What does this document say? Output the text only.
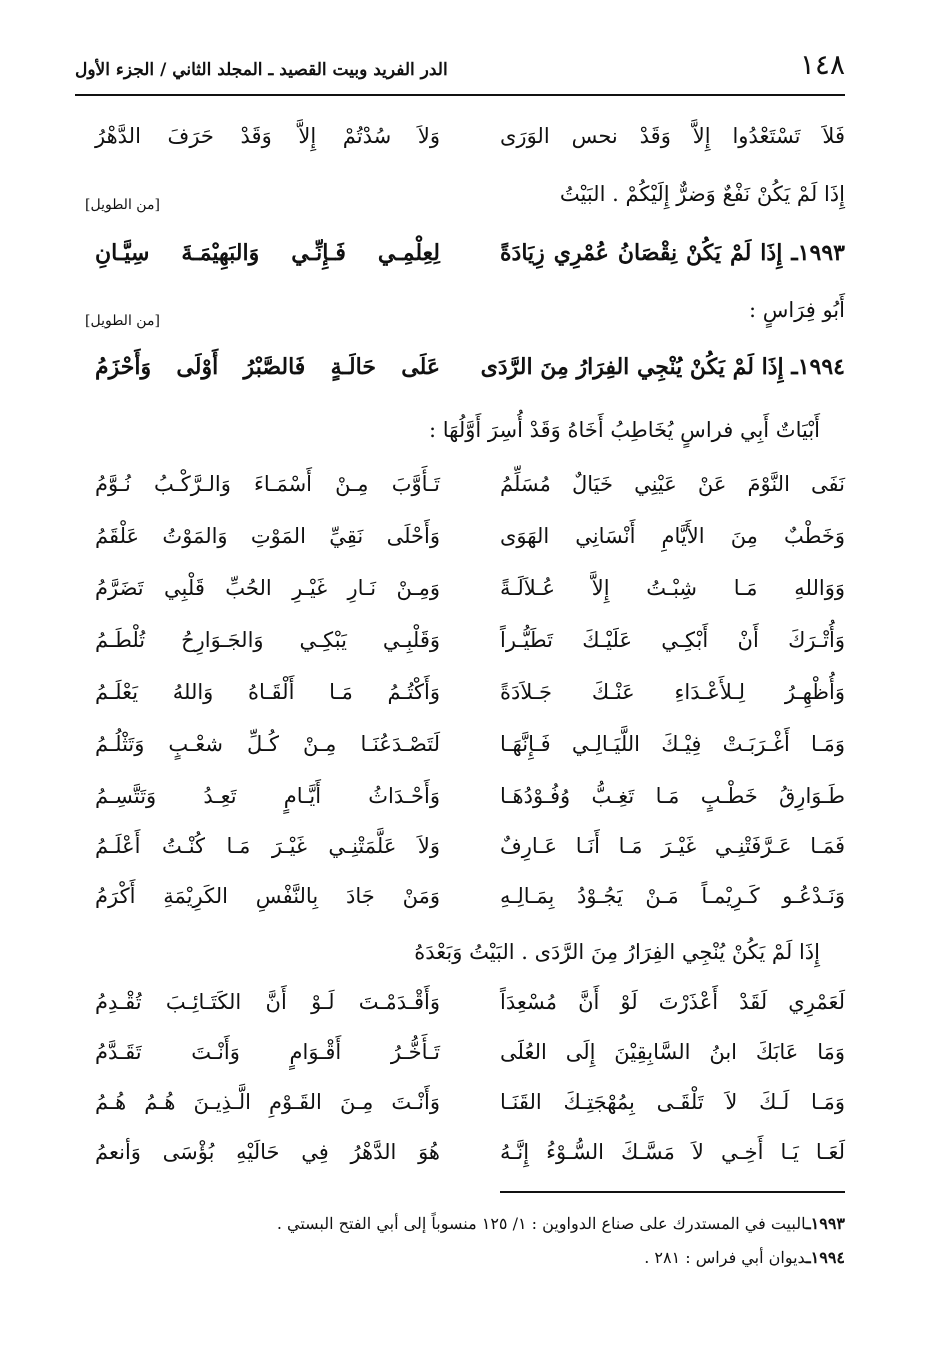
١٤٨
الدر الفريد وبيت القصيد ـ المجلد الثاني / الجزء الأول
فَلاَ تَسْتَعْدُوا إِلاَّ وَقَدْ نحس الوَرَى
وَلاَ سُدْتُمْ إِلاَّ وَقَدْ حَرَفَ الدَّهْرُ
إِذَا لَمْ يَكُنْ نَفْعٌ وَضرٌّ إِلَيْكُمْ . البَيْتُ
[من الطويل]
١٩٩٣ـ إِذَا لَمْ يَكُنْ نِقْصَانُ عُمْرِي زِيَادَةً
لِعِلْمِـي فَـإِنِّـي وَالبَهِيْمَـةَ سِيَّـانِ
أَبُو فِرَاسٍ :
[من الطويل]
١٩٩٤ـ إِذَا لَمْ يَكُنْ يُنْجِي الفِرَارُ مِنَ الرَّدَى
عَلَى حَالَـةٍ فَالصَّبْرُ أَوْلَى وَأَحْزَمُ
أَبْيَاتٌ أَبِي فراسٍ يُخَاطِبُ أَخَاهُ وَقَدْ أُسِرَ أَوَّلُهَا :
نَفَى النَّوْمَ عَنْ عَيْنِي خَيَالٌ مُسَلِّمُ
تَـأَوَّبَ مِـنْ أَسْمَـاءَ وَالـرَّكْـبُ نُـوَّمُ
وَخَطْبٌ مِنَ الأَيَّامِ أَنْسَانِي الهَوَى
وَأَحْلَى نَقِيِّ المَوْتِ وَالمَوْتُ عَلْقَمُ
وَوَاللهِ مَـا شِبْـتُ إِلاَّ عُـلاَلَـةً
وَمِـنْ نَـارِ غَيْـرِ الحُبِّ قَلْبِي تَضَرَّمُ
وَأُتْـرَكَ أَنْ أَبْكِـي عَلَيْـكَ تَطَيُّـراً
وَقَلْبِـي يَبْكِـي وَالجَـوَارِحُ تُلْطَـمُ
وَأُظْهِـرُ لِـلأَعْـدَاءِ عَنْـكَ جَـلاَدَةً
وَأَكْتُـمُ مَـا أَلْقَـاهُ وَاللهُ يَعْلَـمُ
وَمَـا أَغْـرَبَـتْ فِيْـكَ اللَّيَـالِـي فَـإِنَّهَـا
لَتَصْـدَعُنَـا مِـنْ كُـلِّ شعْـبٍ وَتَثْلُـمُ
طَـوَارِقُ خَطْـبٍ مَـا تَغِـبُّ وُفُـوْدُهَـا
وَأَحْـدَاثُ أَيَّـامٍ تَعِـدُ وَتَتَّسِـمُ
فَمَـا عَـرَّفَتْنِـي غَيْـرَ مَـا أَنَـا عَـارِفٌ
وَلاَ عَلَّمَتْنِـي غَيْـرَ مَـا كُنْـتُ أَعْلَـمُ
وَنَـدْعُـو كَـرِيْمـاً مَـنْ يَجُـوْدُ بِمَـالِـهِ
وَمَنْ جَادَ بِالنَّفْسِ الكَرِيْمَةِ أَكْرَمُ
إِذَا لَمْ يَكُنْ يُنْجِي الفِرَارُ مِنَ الرَّدَى . البَيْتُ وَبَعْدَهُ
لَعَمْرِي لَقَدْ أَعْذَرْتَ لَوْ أَنَّ مُسْعِدَاً
وَأَقْـدَمْـتَ لَـوْ أَنَّ الكَتَـائِـبَ تُقْـدِمُ
وَمَا عَابَكَ ابنُ السَّابِقِيْنَ إِلَى العُلَى
تَـأَخُّـرُ أَقْـوَامٍ وَأَنْـتَ تَقَـدَّمُ
وَمَـا لَـكَ لاَ تَلْقَـى بِمُهْجَتِـكَ القَنَـا
وَأَنْـتَ مِـنَ القَـوْمِ الَّـذِيـنَ هُـمُ هُـمُ
لَعَـا يَـا أَخِـي لاَ مَسَّـكَ السُّـوْءُ إِنَّـهُ
هُوَ الدَّهْرُ فِي حَالَيْهِ بُؤْسَى وَأنعمُ
١٩٩٣ـالبيت في المستدرك على صناع الدواوين : ١/ ١٢٥ منسوباً إلى أبي الفتح البستي .
١٩٩٤ـديوان أبي فراس : ٢٨١ .
